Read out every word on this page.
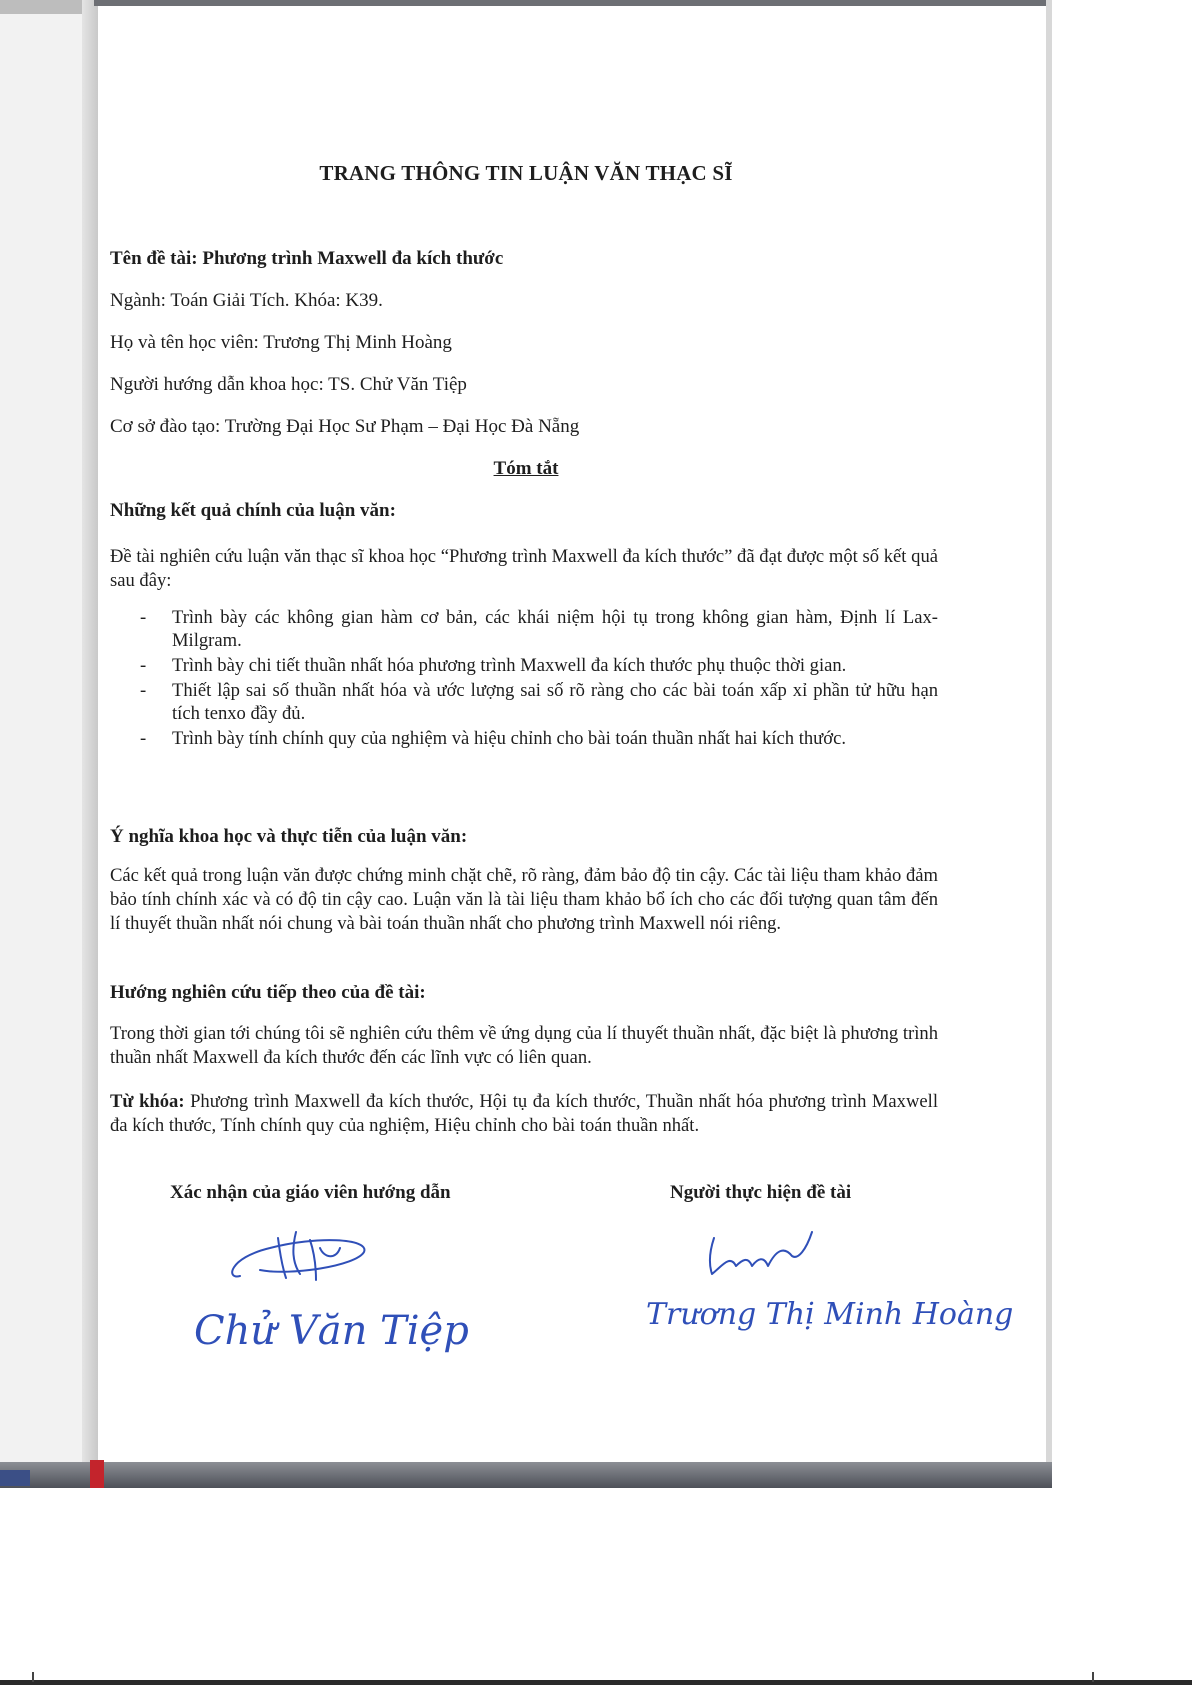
TRANG THÔNG TIN LUẬN VĂN THẠC SĨ
Tên đề tài: Phương trình Maxwell đa kích thước
Ngành: Toán Giải Tích. Khóa: K39.
Họ và tên học viên: Trương Thị Minh Hoàng
Người hướng dẫn khoa học: TS. Chử Văn Tiệp
Cơ sở đào tạo: Trường Đại Học Sư Phạm – Đại Học Đà Nẵng
Tóm tắt
Những kết quả chính của luận văn:
Đề tài nghiên cứu luận văn thạc sĩ khoa học “Phương trình Maxwell đa kích thước” đã đạt được một số kết quả sau đây:
- Trình bày các không gian hàm cơ bản, các khái niệm hội tụ trong không gian hàm, Định lí Lax-Milgram.
- Trình bày chi tiết thuần nhất hóa phương trình Maxwell đa kích thước phụ thuộc thời gian.
- Thiết lập sai số thuần nhất hóa và ước lượng sai số rõ ràng cho các bài toán xấp xỉ phần tử hữu hạn tích tenxo đầy đủ.
- Trình bày tính chính quy của nghiệm và hiệu chỉnh cho bài toán thuần nhất hai kích thước.
Ý nghĩa khoa học và thực tiễn của luận văn:
Các kết quả trong luận văn được chứng minh chặt chẽ, rõ ràng, đảm bảo độ tin cậy. Các tài liệu tham khảo đảm bảo tính chính xác và có độ tin cậy cao. Luận văn là tài liệu tham khảo bổ ích cho các đối tượng quan tâm đến lí thuyết thuần nhất nói chung và bài toán thuần nhất cho phương trình Maxwell nói riêng.
Hướng nghiên cứu tiếp theo của đề tài:
Trong thời gian tới chúng tôi sẽ nghiên cứu thêm về ứng dụng của lí thuyết thuần nhất, đặc biệt là phương trình thuần nhất Maxwell đa kích thước đến các lĩnh vực có liên quan.
Từ khóa: Phương trình Maxwell đa kích thước, Hội tụ đa kích thước, Thuần nhất hóa phương trình Maxwell đa kích thước, Tính chính quy của nghiệm, Hiệu chỉnh cho bài toán thuần nhất.
Xác nhận của giáo viên hướng dẫn	Người thực hiện đề tài
Chử Văn Tiệp	Trương Thị Minh Hoàng
